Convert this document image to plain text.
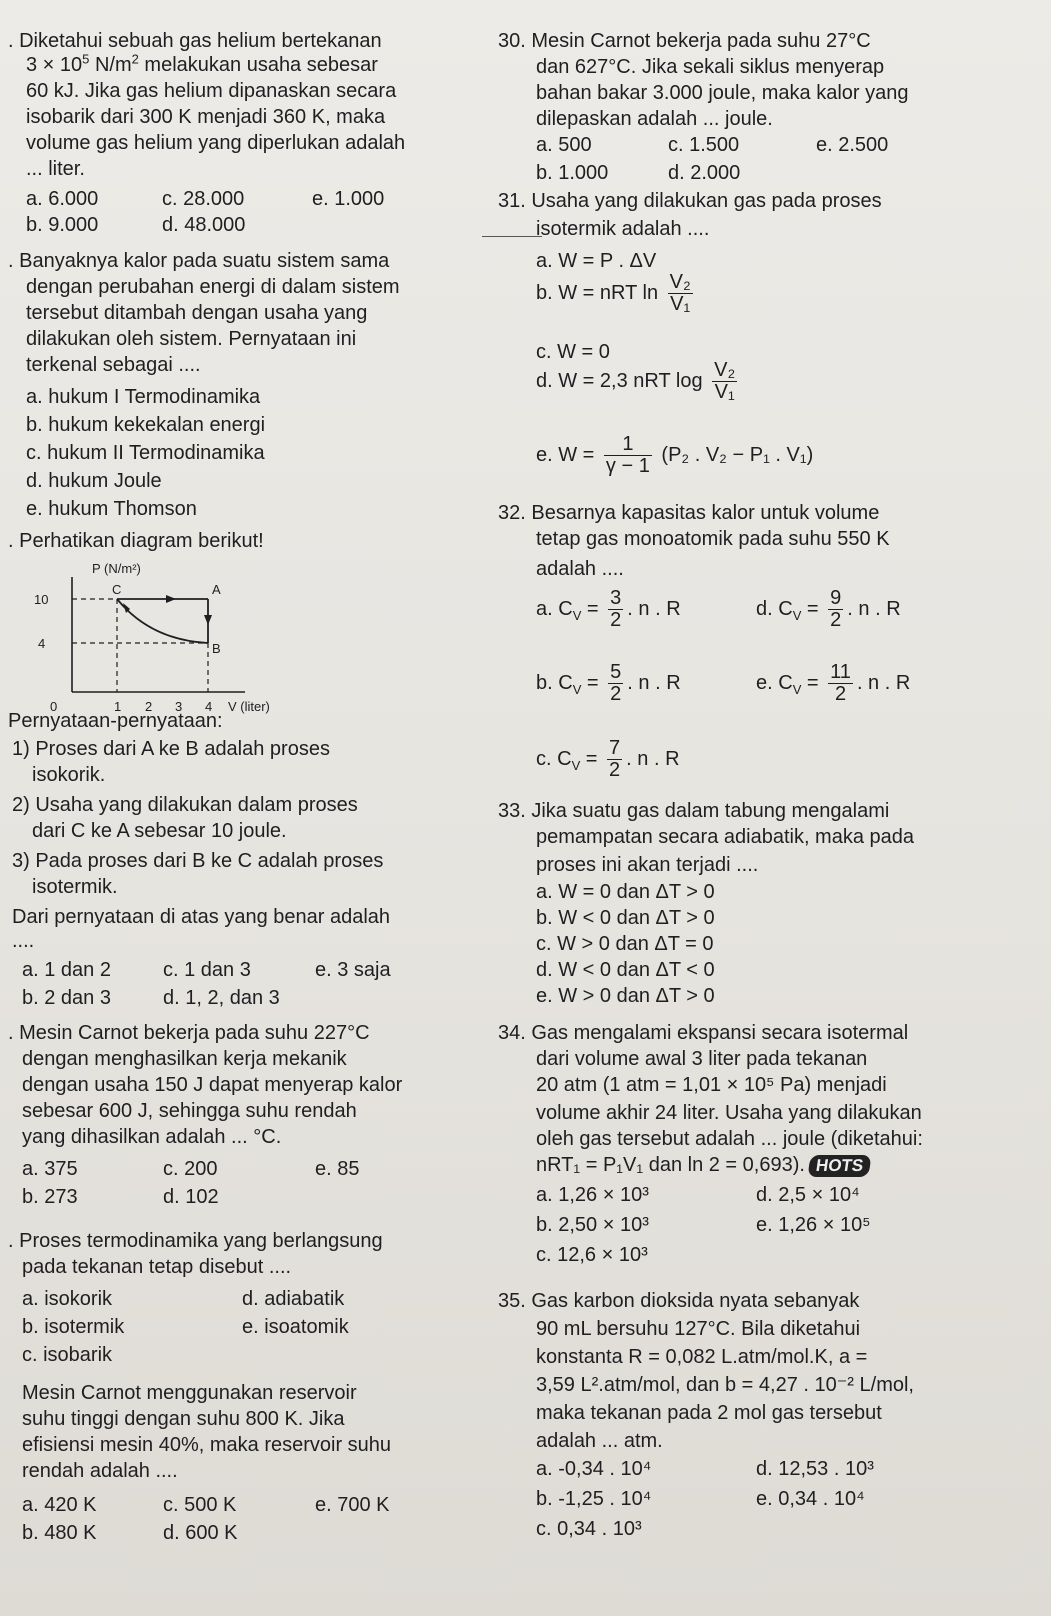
. Diketahui sebuah gas helium bertekanan
$3 \times 10^5$ $N/m^2$ melakukan usaha sebesar
60 kJ. Jika gas helium dipanaskan secara
isobarik dari 300 K menjadi 360 K, maka
volume gas helium yang diperlukan adalah
... liter.
a. 6.000	c. 28.000	e. 1.000
b. 9.000	d. 48.000
. Banyaknya kalor pada suatu sistem sama
dengan perubahan energi di dalam sistem
tersebut ditambah dengan usaha yang
dilakukan oleh sistem. Pernyataan ini
terkenal sebagai ....
a. hukum I Termodinamika
b. hukum kekekalan energi
c. hukum II Termodinamika
d. hukum Joule
e. hukum Thomson
. Perhatikan diagram berikut!
P (N/m²)
10
4
0	1 2 3 4 V (liter)
C	A
B
Pernyataan-pernyataan:
1) Proses dari A ke B adalah proses
isokorik.
2) Usaha yang dilakukan dalam proses
dari C ke A sebesar 10 joule.
3) Pada proses dari B ke C adalah proses
isotermik.
Dari pernyataan di atas yang benar adalah
....
a. 1 dan 2	c. 1 dan 3	e. 3 saja
b. 2 dan 3	d. 1, 2, dan 3
. Mesin Carnot bekerja pada suhu 227°C
dengan menghasilkan kerja mekanik
dengan usaha 150 J dapat menyerap kalor
sebesar 600 J, sehingga suhu rendah
yang dihasilkan adalah ... °C.
a. 375	c. 200	e. 85
b. 273	d. 102
. Proses termodinamika yang berlangsung
pada tekanan tetap disebut ....
a. isokorik	d. adiabatik
b. isotermik	e. isoatomik
c. isobarik
Mesin Carnot menggunakan reservoir
suhu tinggi dengan suhu 800 K. Jika
efisiensi mesin 40%, maka reservoir suhu
rendah adalah ....
a. 420 K	c. 500 K	e. 700 K
b. 480 K	d. 600 K
30. Mesin Carnot bekerja pada suhu 27°C
dan 627°C. Jika sekali siklus menyerap
bahan bakar 3.000 joule, maka kalor yang
dilepaskan adalah ... joule.
a. 500	c. 1.500	e. 2.500
b. 1.000	d. 2.000
31. Usaha yang dilakukan gas pada proses
isotermik adalah ....
a. W = P . ΔV
b. W = nRT $\ln \frac{\text{V₂}}{\text{V₁}}$
c. W = 0
d. W = 2,3 nRT $\log \frac{\text{V₂}}{\text{V₁}}$
e. $W = \frac{1}{\gamma - 1} (P_2$ . V₂ − P₁ . V₁)
32. Besarnya kapasitas kalor untuk volume
tetap gas monoatomik pada suhu 550 K
adalah ....
a. $C_V = \frac{3}{2}$ . n . R	d. $C_V = \frac{9}{2}$ . n . R
b. $C_V = \frac{5}{2}$ . n . R	e. $C_V = \frac{11}{2}$ . n . R
c. $C_V = \frac{7}{2}$ . n . R
33. Jika suatu gas dalam tabung mengalami
pemampatan secara adiabatik, maka pada
proses ini akan terjadi ....
a. W = 0 dan ΔT > 0
b. W < 0 dan ΔT > 0
c. W > 0 dan ΔT = 0
d. W < 0 dan ΔT < 0
e. W > 0 dan ΔT > 0
34. Gas mengalami ekspansi secara isotermal
dari volume awal 3 liter pada tekanan
20 atm (1 atm = 1,01 × 10⁵ Pa) menjadi
volume akhir 24 liter. Usaha yang dilakukan
oleh gas tersebut adalah ... joule (diketahui:
nRT₁ = P₁V₁ dan ln 2 = 0,693). HOTS
a. 1,26 × 10³	d. 2,5 × 10⁴
b. 2,50 × 10³	e. 1,26 × 10⁵
c. 12,6 × 10³
35. Gas karbon dioksida nyata sebanyak
90 mL bersuhu 127°C. Bila diketahui
konstanta R = 0,082 L.atm/mol.K, a =
3,59 L².atm/mol, dan b = 4,27 . 10⁻² L/mol,
maka tekanan pada 2 mol gas tersebut
adalah ... atm.
a. -0,34 . 10⁴	d. 12,53 . 10³
b. -1,25 . 10⁴	e. 0,34 . 10⁴
c. 0,34 . 10³
